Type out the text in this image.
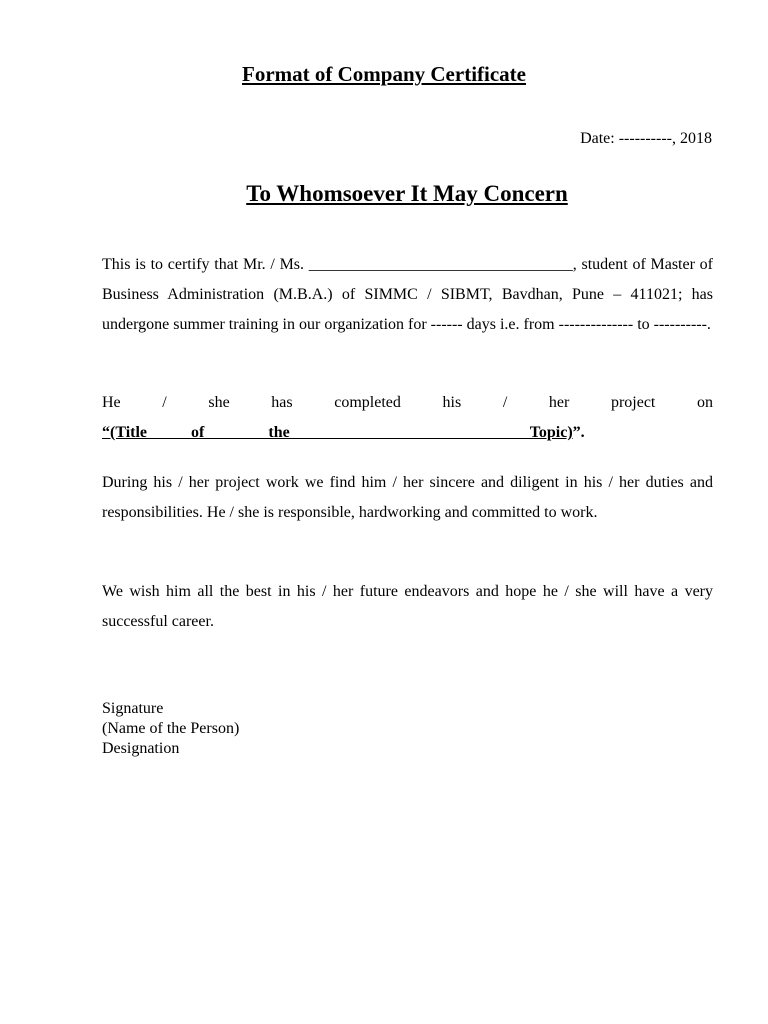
Format of Company Certificate

Date: ----------, 2018

To Whomsoever It May Concern

This is to certify that Mr. / Ms. _________________________________, student of Master of Business Administration (M.B.A.) of SIMMC / SIBMT, Bavdhan, Pune – 411021; has undergone summer training in our organization for ------ days i.e. from -------------- to ----------.

He / she has completed his / her project on “(Title           of                the                                                            Topic)”.

During his / her project work we find him / her sincere and diligent in his / her duties and responsibilities. He / she is responsible, hardworking and committed to work.

We wish him all the best in his / her future endeavors and hope he / she will have a very successful career.

Signature
(Name of the Person)
Designation
